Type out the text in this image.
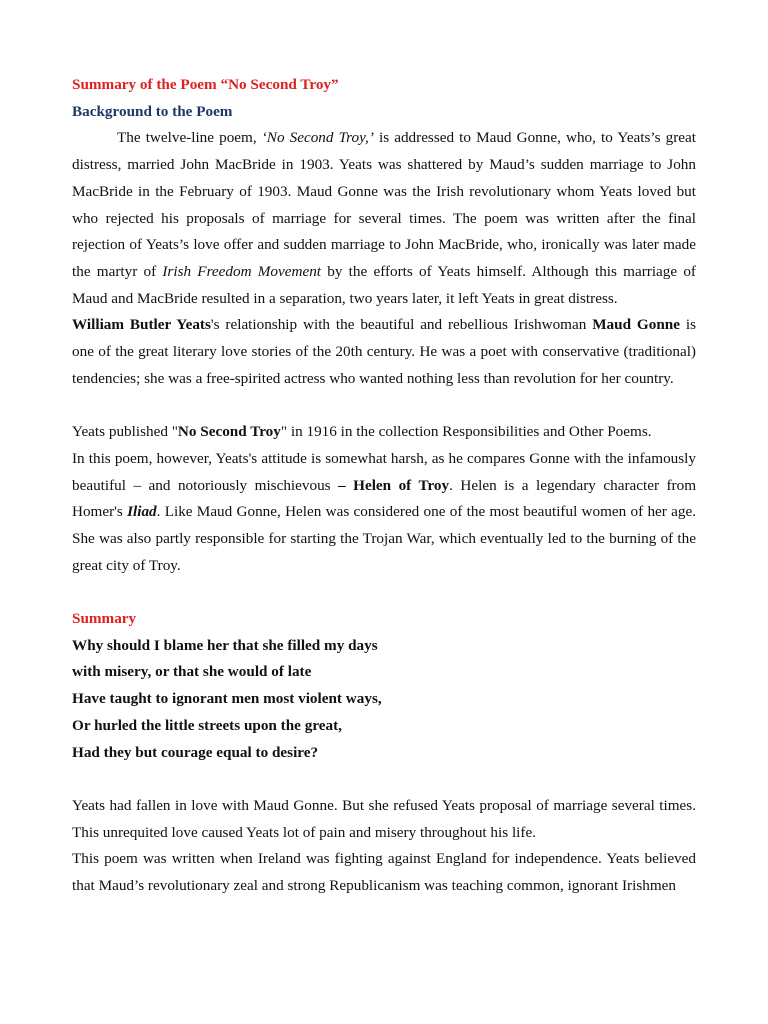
Summary of the Poem “No Second Troy”

Background to the Poem

The twelve-line poem, ‘No Second Troy,’ is addressed to Maud Gonne, who, to Yeats’s great distress, married John MacBride in 1903. Yeats was shattered by Maud’s sudden marriage to John MacBride in the February of 1903. Maud Gonne was the Irish revolutionary whom Yeats loved but who rejected his proposals of marriage for several times. The poem was written after the final rejection of Yeats’s love offer and sudden marriage to John MacBride, who, ironically was later made the martyr of Irish Freedom Movement by the efforts of Yeats himself. Although this marriage of Maud and MacBride resulted in a separation, two years later, it left Yeats in great distress.

William Butler Yeats's relationship with the beautiful and rebellious Irishwoman Maud Gonne is one of the great literary love stories of the 20th century. He was a poet with conservative (traditional) tendencies; she was a free-spirited actress who wanted nothing less than revolution for her country.

Yeats published "No Second Troy" in 1916 in the collection Responsibilities and Other Poems.

In this poem, however, Yeats's attitude is somewhat harsh, as he compares Gonne with the infamously beautiful – and notoriously mischievous – Helen of Troy. Helen is a legendary character from Homer's Iliad. Like Maud Gonne, Helen was considered one of the most beautiful women of her age. She was also partly responsible for starting the Trojan War, which eventually led to the burning of the great city of Troy.

Summary

Why should I blame her that she filled my days

with misery, or that she would of late

Have taught to ignorant men most violent ways,

Or hurled the little streets upon the great,

Had they but courage equal to desire?

Yeats had fallen in love with Maud Gonne. But she refused Yeats proposal of marriage several times. This unrequited love caused Yeats lot of pain and misery throughout his life.

This poem was written when Ireland was fighting against England for independence. Yeats believed that Maud’s revolutionary zeal and strong Republicanism was teaching common, ignorant Irishmen
